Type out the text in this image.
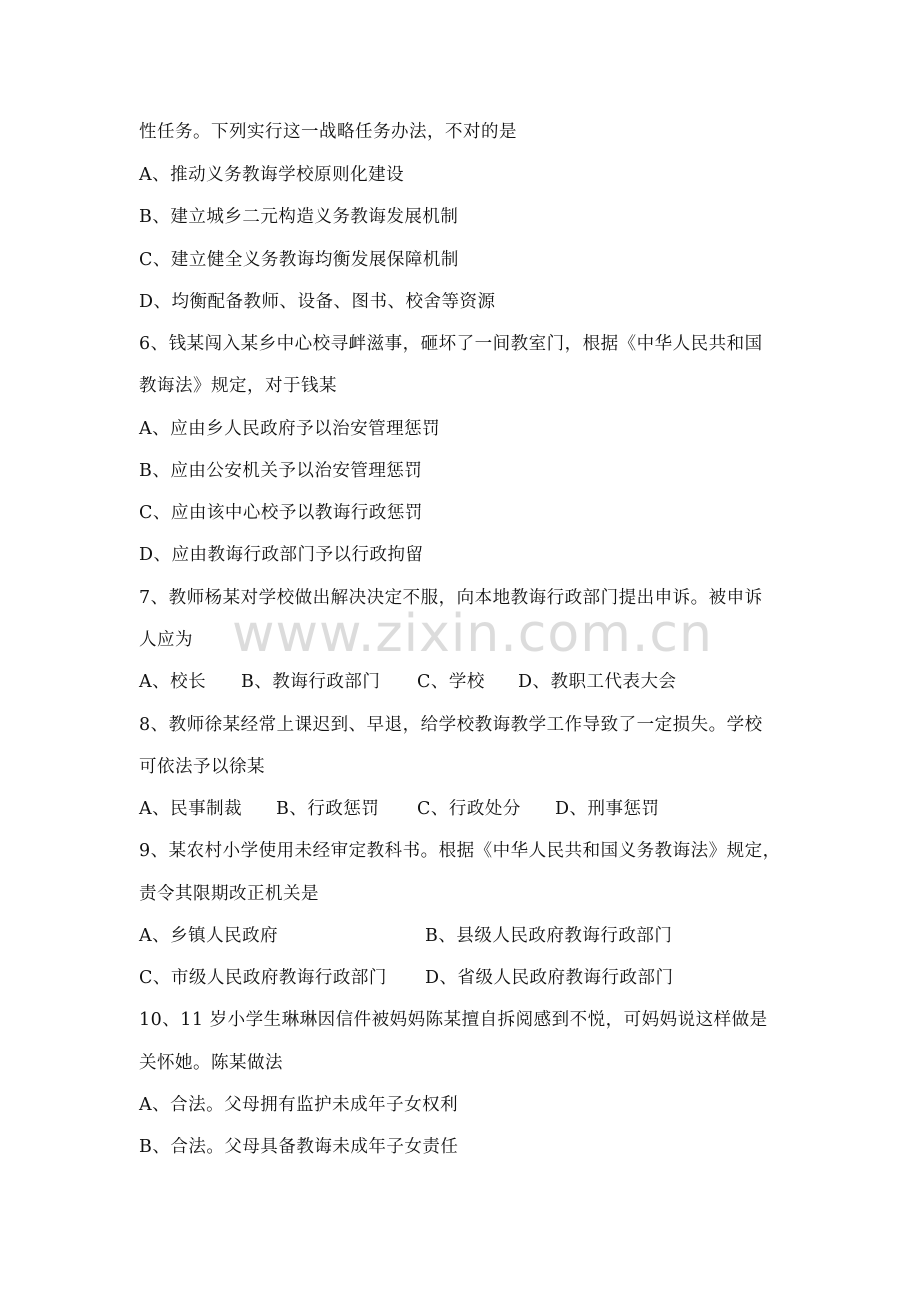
性任务。下列实行这一战略任务办法，不对的是
A、推动义务教诲学校原则化建设
B、建立城乡二元构造义务教诲发展机制
C、建立健全义务教诲均衡发展保障机制
D、均衡配备教师、设备、图书、校舍等资源
6、钱某闯入某乡中心校寻衅滋事，砸坏了一间教室门，根据《中华人民共和国
教诲法》规定，对于钱某
A、应由乡人民政府予以治安管理惩罚
B、应由公安机关予以治安管理惩罚
C、应由该中心校予以教诲行政惩罚
D、应由教诲行政部门予以行政拘留
7、教师杨某对学校做出解决决定不服，向本地教诲行政部门提出申诉。被申诉
人应为
A、校长 B、教诲行政部门 C、学校 D、教职工代表大会
8、教师徐某经常上课迟到、早退，给学校教诲教学工作导致了一定损失。学校
可依法予以徐某
A、民事制裁 B、行政惩罚 C、行政处分 D、刑事惩罚
9、某农村小学使用未经审定教科书。根据《中华人民共和国义务教诲法》规定，
责令其限期改正机关是
A、乡镇人民政府	B、县级人民政府教诲行政部门
C、市级人民政府教诲行政部门 D、省级人民政府教诲行政部门
10、11 岁小学生琳琳因信件被妈妈陈某擅自拆阅感到不悦，可妈妈说这样做是
关怀她。陈某做法
A、合法。父母拥有监护未成年子女权利
B、合法。父母具备教诲未成年子女责任
www.zixin.com.cn
